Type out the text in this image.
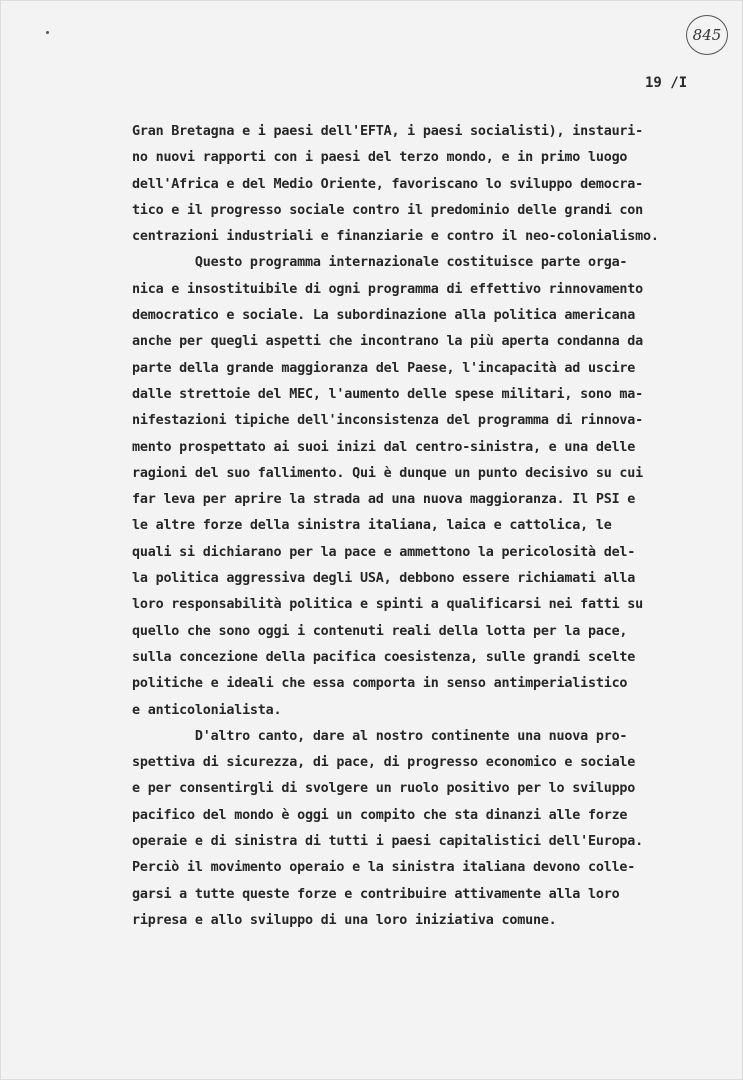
845
19 /I
Gran Bretagna e i paesi dell'EFTA, i paesi socialisti), instauri-
no nuovi rapporti con i paesi del terzo mondo, e in primo luogo
dell'Africa e del Medio Oriente, favoriscano lo sviluppo democra-
tico e il progresso sociale contro il predominio delle grandi con
centrazioni industriali e finanziarie e contro il neo-colonialismo.
Questo programma internazionale costituisce parte orga-
nica e insostituibile di ogni programma di effettivo rinnovamento
democratico e sociale. La subordinazione alla politica americana
anche per quegli aspetti che incontrano la più aperta condanna da
parte della grande maggioranza del Paese, l'incapacità ad uscire
dalle strettoie del MEC, l'aumento delle spese militari, sono ma-
nifestazioni tipiche dell'inconsistenza del programma di rinnova-
mento prospettato ai suoi inizi dal centro-sinistra, e una delle
ragioni del suo fallimento. Qui è dunque un punto decisivo su cui
far leva per aprire la strada ad una nuova maggioranza. Il PSI e
le altre forze della sinistra italiana, laica e cattolica, le
quali si dichiarano per la pace e ammettono la pericolosità del-
la politica aggressiva degli USA, debbono essere richiamati alla
loro responsabilità politica e spinti a qualificarsi nei fatti su
quello che sono oggi i contenuti reali della lotta per la pace,
sulla concezione della pacifica coesistenza, sulle grandi scelte
politiche e ideali che essa comporta in senso antimperialistico
e anticolonialista.
D'altro canto, dare al nostro continente una nuova pro-
spettiva di sicurezza, di pace, di progresso economico e sociale
e per consentirgli di svolgere un ruolo positivo per lo sviluppo
pacifico del mondo è oggi un compito che sta dinanzi alle forze
operaie e di sinistra di tutti i paesi capitalistici dell'Europa.
Perciò il movimento operaio e la sinistra italiana devono colle-
garsi a tutte queste forze e contribuire attivamente alla loro
ripresa e allo sviluppo di una loro iniziativa comune.
